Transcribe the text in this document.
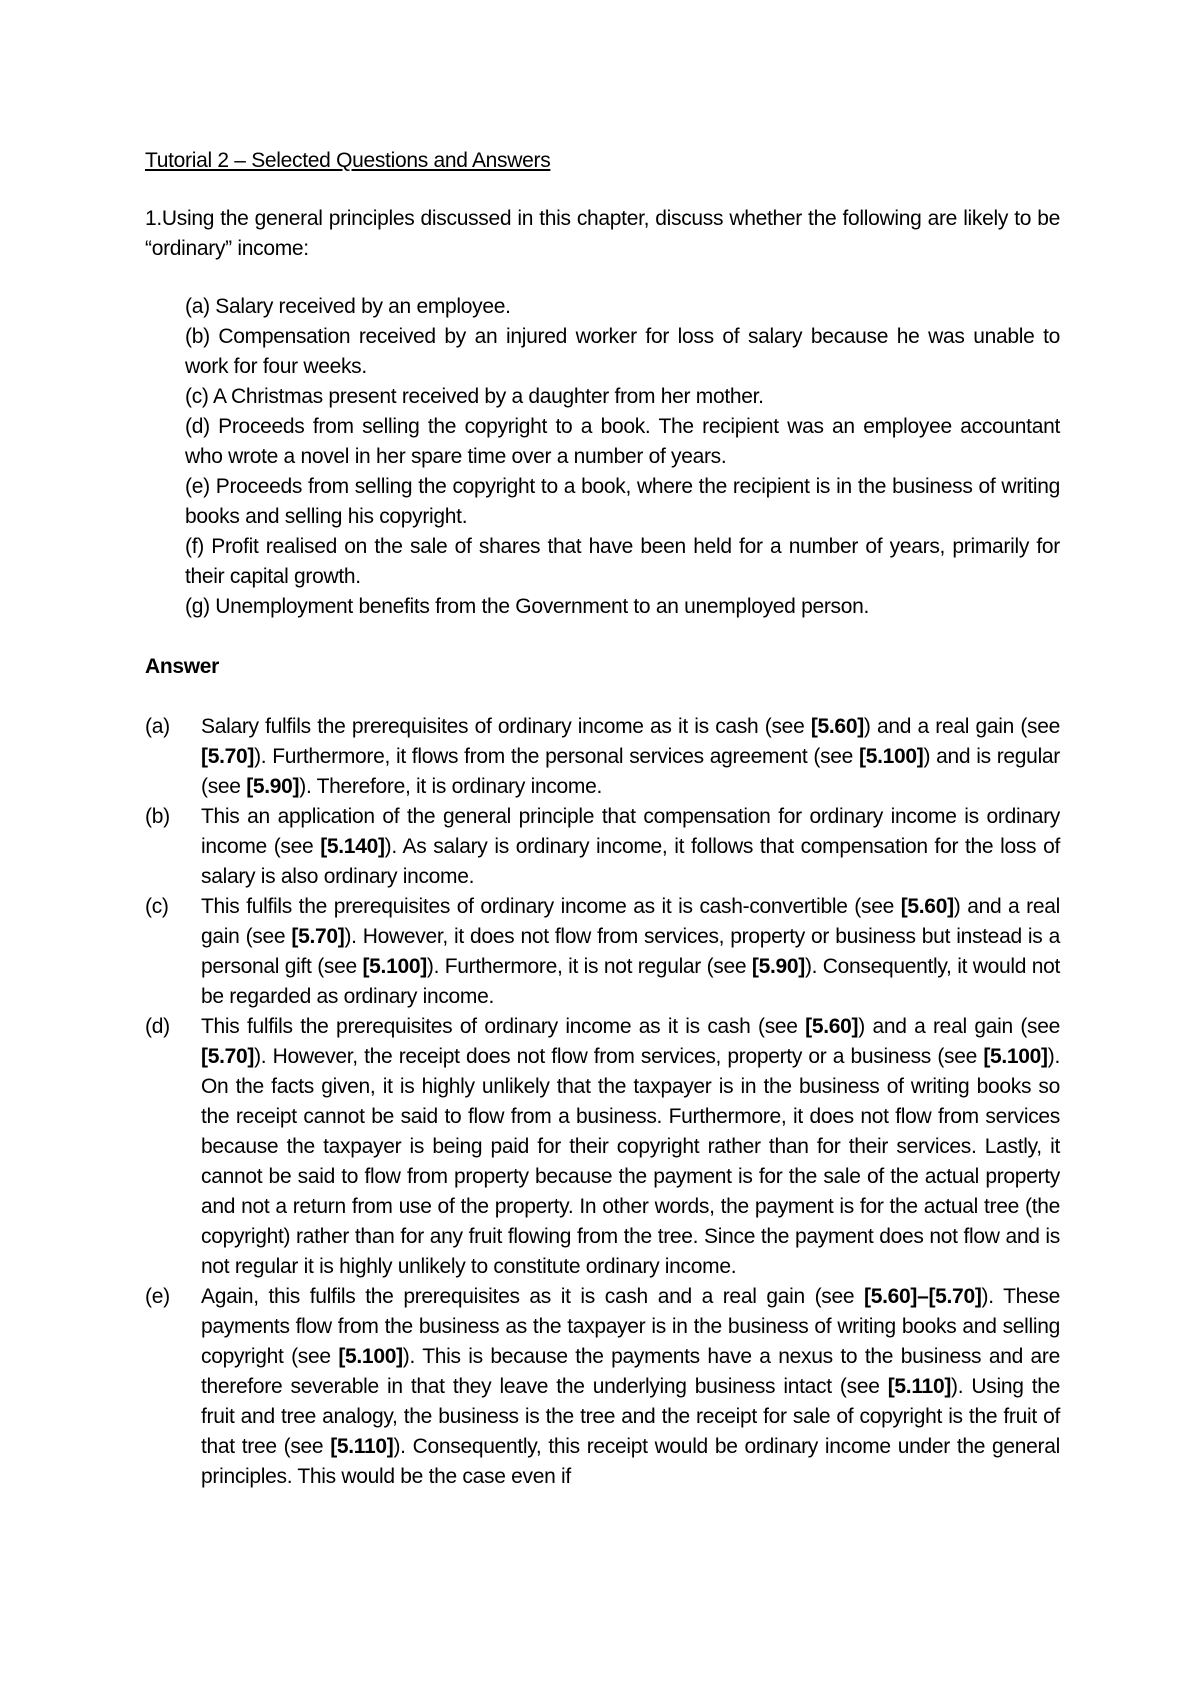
Tutorial 2 – Selected Questions and Answers

1.Using the general principles discussed in this chapter, discuss whether the following are likely to be “ordinary” income:

(a) Salary received by an employee.
(b) Compensation received by an injured worker for loss of salary because he was unable to work for four weeks.
(c) A Christmas present received by a daughter from her mother.
(d) Proceeds from selling the copyright to a book. The recipient was an employee accountant who wrote a novel in her spare time over a number of years.
(e) Proceeds from selling the copyright to a book, where the recipient is in the business of writing books and selling his copyright.
(f) Profit realised on the sale of shares that have been held for a number of years, primarily for their capital growth.
(g) Unemployment benefits from the Government to an unemployed person.

Answer

(a)	Salary fulfils the prerequisites of ordinary income as it is cash (see [5.60]) and a real gain (see [5.70]). Furthermore, it flows from the personal services agreement (see [5.100]) and is regular (see [5.90]). Therefore, it is ordinary income.
(b)	This an application of the general principle that compensation for ordinary income is ordinary income (see [5.140]). As salary is ordinary income, it follows that compensation for the loss of salary is also ordinary income.
(c)	This fulfils the prerequisites of ordinary income as it is cash-convertible (see [5.60]) and a real gain (see [5.70]). However, it does not flow from services, property or business but instead is a personal gift (see [5.100]). Furthermore, it is not regular (see [5.90]). Consequently, it would not be regarded as ordinary income.
(d)	This fulfils the prerequisites of ordinary income as it is cash (see [5.60]) and a real gain (see [5.70]). However, the receipt does not flow from services, property or a business (see [5.100]). On the facts given, it is highly unlikely that the taxpayer is in the business of writing books so the receipt cannot be said to flow from a business. Furthermore, it does not flow from services because the taxpayer is being paid for their copyright rather than for their services. Lastly, it cannot be said to flow from property because the payment is for the sale of the actual property and not a return from use of the property. In other words, the payment is for the actual tree (the copyright) rather than for any fruit flowing from the tree. Since the payment does not flow and is not regular it is highly unlikely to constitute ordinary income.
(e)	Again, this fulfils the prerequisites as it is cash and a real gain (see [5.60]–[5.70]). These payments flow from the business as the taxpayer is in the business of writing books and selling copyright (see [5.100]). This is because the payments have a nexus to the business and are therefore severable in that they leave the underlying business intact (see [5.110]). Using the fruit and tree analogy, the business is the tree and the receipt for sale of copyright is the fruit of that tree (see [5.110]). Consequently, this receipt would be ordinary income under the general principles. This would be the case even if
